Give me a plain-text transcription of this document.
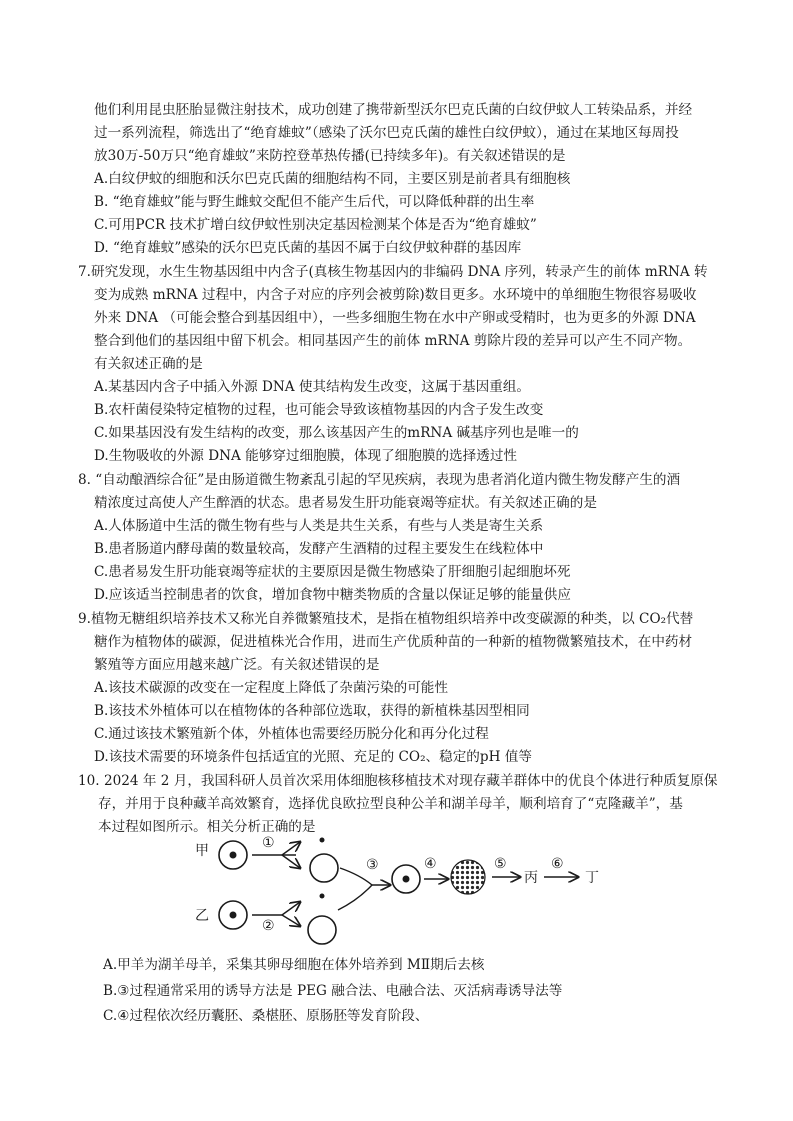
他们利用昆虫胚胎显微注射技术，成功创建了携带新型沃尔巴克氏菌的白纹伊蚊人工转染品系，并经
过一系列流程，筛选出了“绝育雄蚊”（感染了沃尔巴克氏菌的雄性白纹伊蚊），通过在某地区每周投
放30万-50万只“绝育雄蚊”来防控登革热传播(已持续多年)。有关叙述错误的是
A.白纹伊蚊的细胞和沃尔巴克氏菌的细胞结构不同，主要区别是前者具有细胞核
B. “绝育雄蚊”能与野生雌蚊交配但不能产生后代，可以降低种群的出生率
C.可用PCR 技术扩增白纹伊蚊性别决定基因检测某个体是否为“绝育雄蚊”
D. “绝育雄蚊”感染的沃尔巴克氏菌的基因不属于白纹伊蚊种群的基因库
7.研究发现，水生生物基因组中内含子(真核生物基因内的非编码 DNA 序列，转录产生的前体 mRNA 转
变为成熟 mRNA 过程中，内含子对应的序列会被剪除)数目更多。水环境中的单细胞生物很容易吸收
外来 DNA （可能会整合到基因组中），一些多细胞生物在水中产卵或受精时，也为更多的外源 DNA
整合到他们的基因组中留下机会。相同基因产生的前体 mRNA 剪除片段的差异可以产生不同产物。
有关叙述正确的是
A.某基因内含子中插入外源 DNA 使其结构发生改变，这属于基因重组。
B.农杆菌侵染特定植物的过程，也可能会导致该植物基因的内含子发生改变
C.如果基因没有发生结构的改变，那么该基因产生的mRNA 碱基序列也是唯一的
D.生物吸收的外源 DNA 能够穿过细胞膜，体现了细胞膜的选择透过性
8. “自动酿酒综合征”是由肠道微生物紊乱引起的罕见疾病，表现为患者消化道内微生物发酵产生的酒
精浓度过高使人产生醉酒的状态。患者易发生肝功能衰竭等症状。有关叙述正确的是
A.人体肠道中生活的微生物有些与人类是共生关系，有些与人类是寄生关系
B.患者肠道内酵母菌的数量较高，发酵产生酒精的过程主要发生在线粒体中
C.患者易发生肝功能衰竭等症状的主要原因是微生物感染了肝细胞引起细胞坏死
D.应该适当控制患者的饮食，增加食物中糖类物质的含量以保证足够的能量供应
9.植物无糖组织培养技术又称光自养微繁殖技术，是指在植物组织培养中改变碳源的种类，以 CO₂代替
糖作为植物体的碳源，促进植株光合作用，进而生产优质种苗的一种新的植物微繁殖技术，在中药材
繁殖等方面应用越来越广泛。有关叙述错误的是
A.该技术碳源的改变在一定程度上降低了杂菌污染的可能性
B.该技术外植体可以在植物体的各种部位选取，获得的新植株基因型相同
C.通过该技术繁殖新个体，外植体也需要经历脱分化和再分化过程
D.该技术需要的环境条件包括适宜的光照、充足的 CO₂、稳定的pH 值等
10. 2024 年 2 月，我国科研人员首次采用体细胞核移植技术对现存藏羊群体中的优良个体进行种质复原保
存，并用于良种藏羊高效繁育，选择优良欧拉型良种公羊和湖羊母羊，顺利培育了“克隆藏羊”，基
本过程如图所示。相关分析正确的是
甲
乙
①
②
③	④	⑤
丙
⑥
丁
A.甲羊为湖羊母羊，采集其卵母细胞在体外培养到 MⅡ期后去核
B.③过程通常采用的诱导方法是 PEG 融合法、电融合法、灭活病毒诱导法等
C.④过程依次经历囊胚、桑椹胚、原肠胚等发育阶段、
